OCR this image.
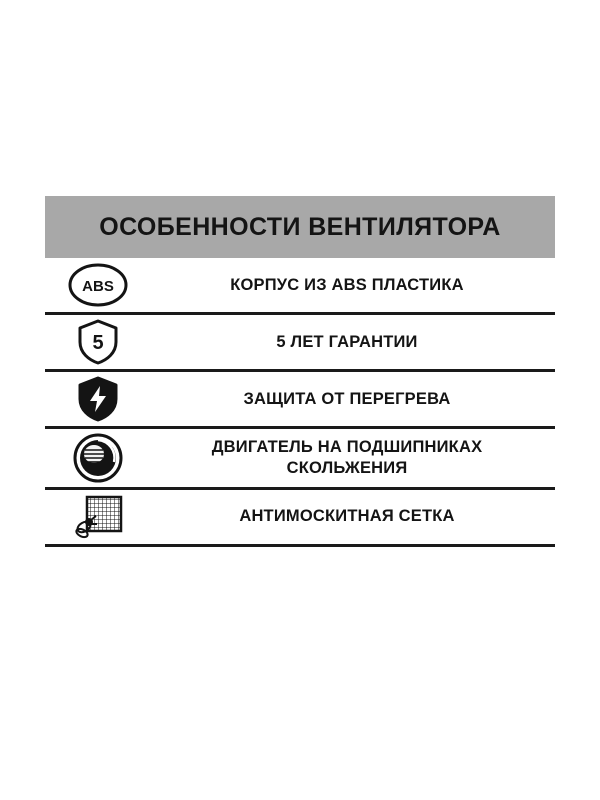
ОСОБЕННОСТИ ВЕНТИЛЯТОРА
ABS	КОРПУС ИЗ ABS ПЛАСТИКА
5	5 ЛЕТ ГАРАНТИИ
ЗАЩИТА ОТ ПЕРЕГРЕВА
ДВИГАТЕЛЬ НА ПОДШИПНИКАХ СКОЛЬЖЕНИЯ
АНТИМОСКИТНАЯ СЕТКА
